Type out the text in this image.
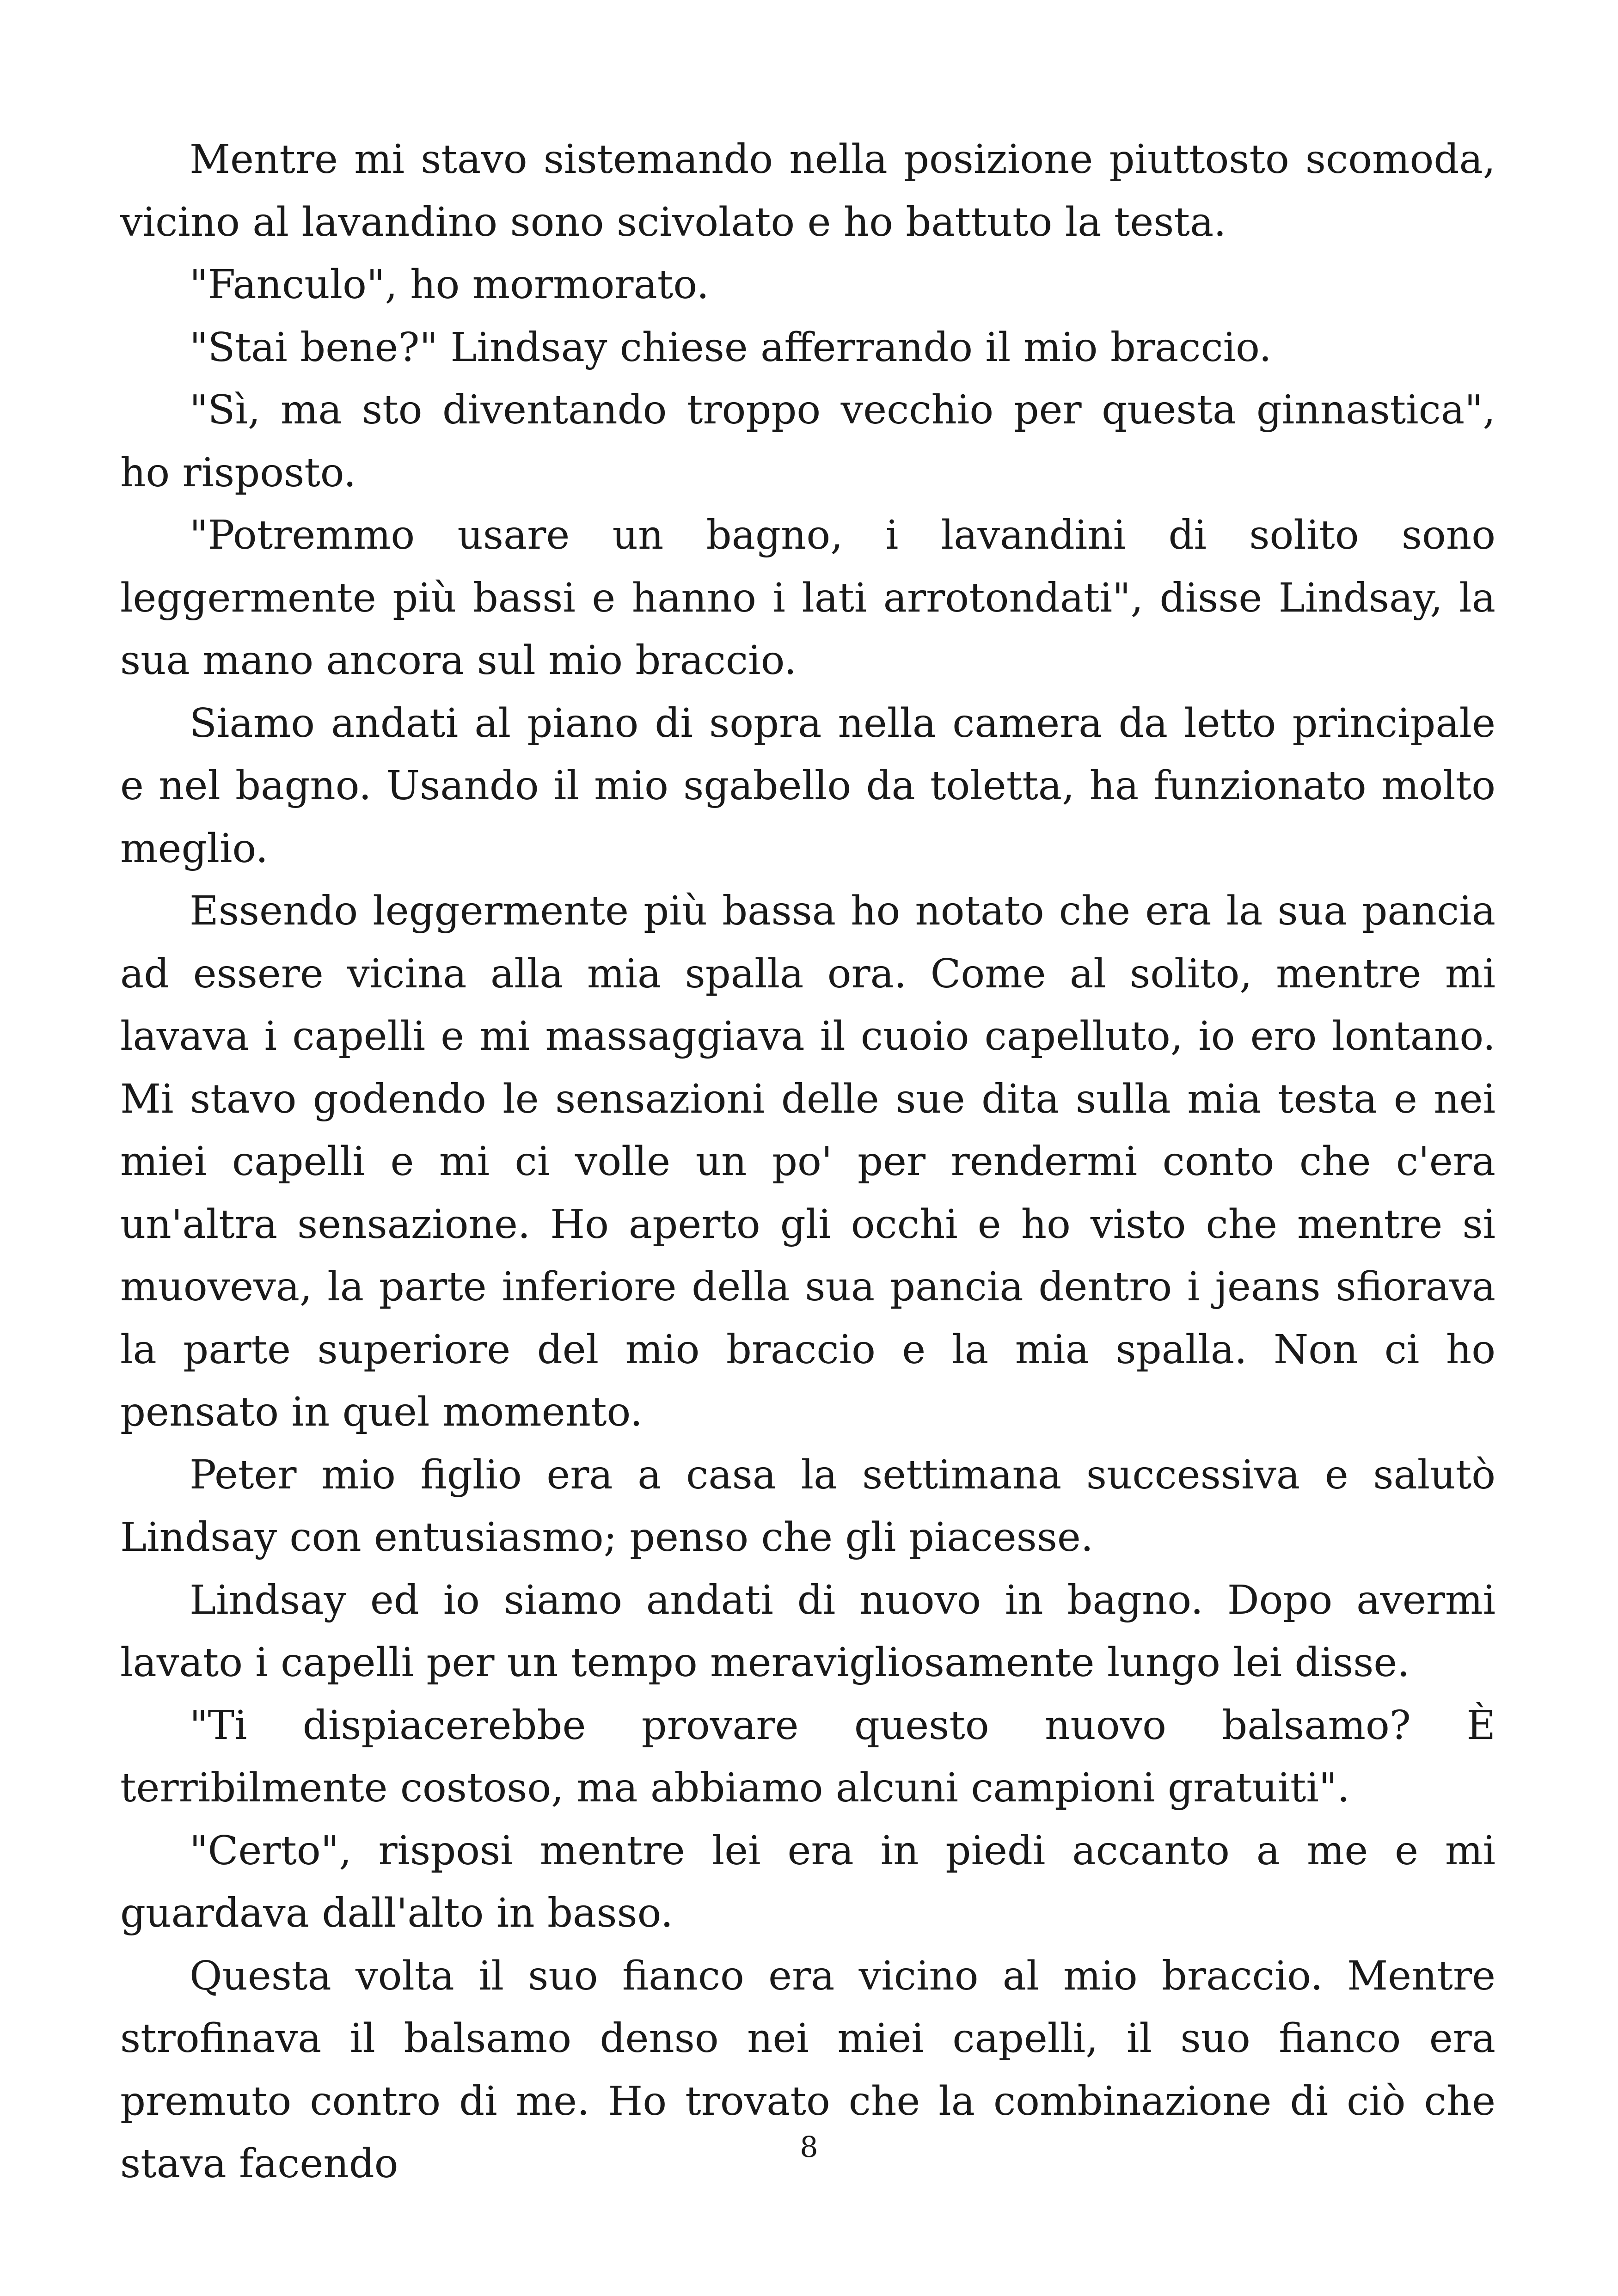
Mentre mi stavo sistemando nella posizione piuttosto scomoda, vicino al lavandino sono scivolato e ho battuto la testa.

"Fanculo", ho mormorato.

"Stai bene?" Lindsay chiese afferrando il mio braccio.

"Sì, ma sto diventando troppo vecchio per questa ginnastica", ho risposto.

"Potremmo usare un bagno, i lavandini di solito sono leggermente più bassi e hanno i lati arrotondati", disse Lindsay, la sua mano ancora sul mio braccio.

Siamo andati al piano di sopra nella camera da letto principale e nel bagno. Usando il mio sgabello da toletta, ha funzionato molto meglio.

Essendo leggermente più bassa ho notato che era la sua pancia ad essere vicina alla mia spalla ora. Come al solito, mentre mi lavava i capelli e mi massaggiava il cuoio capelluto, io ero lontano. Mi stavo godendo le sensazioni delle sue dita sulla mia testa e nei miei capelli e mi ci volle un po' per rendermi conto che c'era un'altra sensazione. Ho aperto gli occhi e ho visto che mentre si muoveva, la parte inferiore della sua pancia dentro i jeans sfiorava la parte superiore del mio braccio e la mia spalla. Non ci ho pensato in quel momento.

Peter mio figlio era a casa la settimana successiva e salutò Lindsay con entusiasmo; penso che gli piacesse.

Lindsay ed io siamo andati di nuovo in bagno. Dopo avermi lavato i capelli per un tempo meravigliosamente lungo lei disse.

"Ti dispiacerebbe provare questo nuovo balsamo? È terribilmente costoso, ma abbiamo alcuni campioni gratuiti".

"Certo", risposi mentre lei era in piedi accanto a me e mi guardava dall'alto in basso.

Questa volta il suo fianco era vicino al mio braccio. Mentre strofinava il balsamo denso nei miei capelli, il suo fianco era premuto contro di me. Ho trovato che la combinazione di ciò che stava facendo	8
